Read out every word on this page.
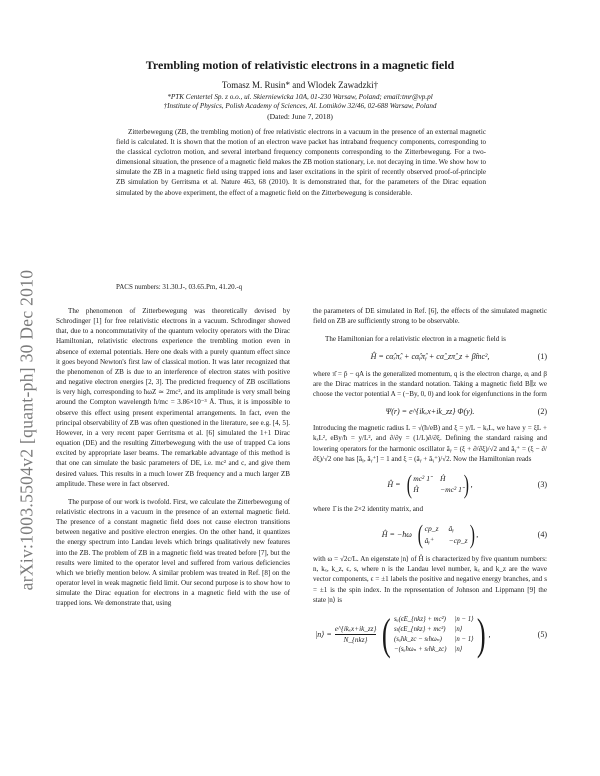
arXiv:1003.5504v2 [quant-ph] 30 Dec 2010
Trembling motion of relativistic electrons in a magnetic field
Tomasz M. Rusin* and Wlodek Zawadzki†
*PTK Centertel Sp. z o.o., ul. Skierniewicka 10A, 01-230 Warsaw, Poland; email:tmr@vp.pl
†Institute of Physics, Polish Academy of Sciences, Al. Lotników 32/46, 02-688 Warsaw, Poland
(Dated: June 7, 2018)

Zitterbewegung (ZB, the trembling motion) of free relativistic electrons in a vacuum in the presence of an external magnetic field is calculated. It is shown that the motion of an electron wave packet has intraband frequency components, corresponding to the classical cyclotron motion, and several interband frequency components corresponding to the Zitterbewegung. For a two-dimensional situation, the presence of a magnetic field makes the ZB motion stationary, i.e. not decaying in time. We show how to simulate the ZB in a magnetic field using trapped ions and laser excitations in the spirit of recently observed proof-of-principle ZB simulation by Gerritsma et al. Nature 463, 68 (2010). It is demonstrated that, for the parameters of the Dirac equation simulated by the above experiment, the effect of a magnetic field on the Zitterbewegung is considerable.

PACS numbers: 31.30.J-, 03.65.Pm, 41.20.-q

The phenomenon of Zitterbewegung was theoretically devised by Schrodinger [1] for free relativistic electrons in a vacuum. Schrodinger showed that, due to a noncommutativity of the quantum velocity operators with the Dirac Hamiltonian, relativistic electrons experience the trembling motion even in absence of external potentials. Here one deals with a purely quantum effect since it goes beyond Newton's first law of classical motion. It was later recognized that the phenomenon of ZB is due to an interference of electron states with positive and negative electron energies [2, 3]. The predicted frequency of ZB oscillations is very high, corresponding to ħωZ ≃ 2mc², and its amplitude is very small being around the Compton wavelength ħ/mc = 3.86×10⁻³ Å. Thus, it is impossible to observe this effect using present experimental arrangements. In fact, even the principal observability of ZB was often questioned in the literature, see e.g. [4, 5]. However, in a very recent paper Gerritsma et al. [6] simulated the 1+1 Dirac equation (DE) and the resulting Zitterbewegung with the use of trapped Ca ions excited by appropriate laser beams. The remarkable advantage of this method is that one can simulate the basic parameters of DE, i.e. mc² and c, and give them desired values. This results in a much lower ZB frequency and a much larger ZB amplitude. These were in fact observed.

The purpose of our work is twofold. First, we calculate the Zitterbewegung of relativistic electrons in a vacuum in the presence of an external magnetic field. The presence of a constant magnetic field does not cause electron transitions between negative and positive electron energies. On the other hand, it quantizes the energy spectrum into Landau levels which brings qualitatively new features into the ZB. The problem of ZB in a magnetic field was treated before [7], but the results were limited to the operator level and suffered from various deficiencies which we briefly mention below. A similar problem was treated in Ref. [8] on the operator level in weak magnetic field limit. Our second purpose is to show how to simulate the Dirac equation for electrons in a magnetic field with the use of trapped ions. We demonstrate that, using

the parameters of DE simulated in Ref. [6], the effects of the simulated magnetic field on ZB are sufficiently strong to be observable.

The Hamiltonian for a relativistic electron in a magnetic field is

Ĥ = cα̂ₓπ̂ₓ + cα̂ᵧπ̂ᵧ + cα̂_zπ̂_z + β̂mc²,	(1)

where π̂ = p̂ − qA is the generalized momentum, q is the electron charge, αᵢ and β are the Dirac matrices in the standard notation. Taking a magnetic field B∥z we choose the vector potential A = (−By, 0, 0) and look for eigenfunctions in the form

Ψ(r) = e^{ikₓx+ik_zz} Φ(y).	(2)

Introducing the magnetic radius L = √(ħ/eB) and ξ = y/L − kₓL, we have y = ξL + kₓL², eBy/ħ = y/L², and ∂/∂y = (1/L)∂/∂ξ. Defining the standard raising and lowering operators for the harmonic oscillator âᵧ = (ξ + ∂/∂ξ)/√2 and âᵧ⁺ = (ξ − ∂/∂ξ)/√2 one has [âᵧ, âᵧ⁺] = 1 and ξ = (âᵧ + âᵧ⁺)/√2. Now the Hamiltonian reads

Ĥ = ( mc² 1̂ Ĥ
Ĥ	−mc² 1̂ ) ,	(3)

where 1̂ is the 2×2 identity matrix, and

Ĥ = −ħω ( cp_z âᵧ
âᵧ⁺	−cp_z ) ,	(4)

with ω = √2c/L. An eigenstate |n⟩ of Ĥ is characterized by five quantum numbers: n, kₓ, k_z, ϵ, s, where n is the Landau level number, kₓ and k_z are the wave vector components, ϵ = ±1 labels the positive and negative energy branches, and s = ±1 is the spin index. In the representation of Johnson and Lippmann [9] the state |n⟩ is

|n⟩ = $\frac{\text{e\textasciicircum{}\{ikₓx+ik\_zz\}}}{\text{N\_\{nkz\}}}$ ( sᵤ(ϵE_{nkz} + mc²) |n − 1⟩
sₗ(ϵE_{nkz} + mc²) |n⟩
(sᵤħk_zc − sₗħωₙ)	|n − 1⟩
−(sᵤħωₙ + sₗħk_zc) |n⟩ ) ,	(5)
